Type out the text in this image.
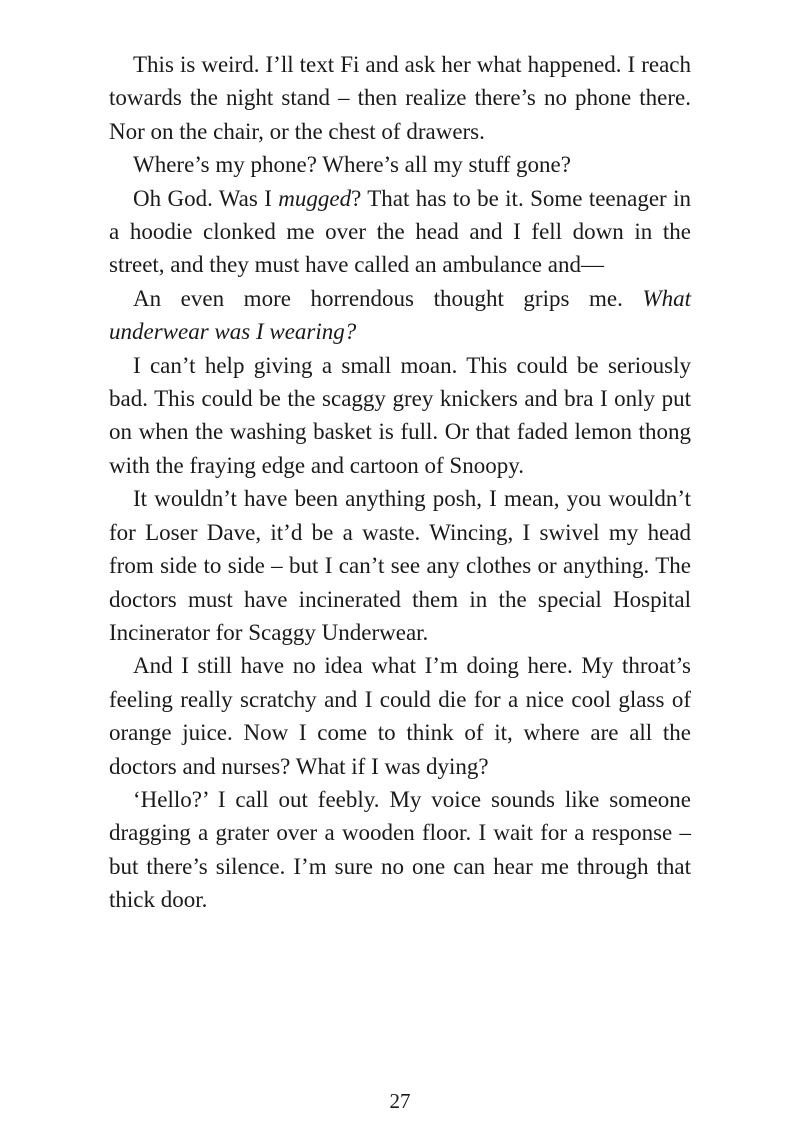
This is weird. I’ll text Fi and ask her what happened. I reach towards the night stand – then realize there’s no phone there. Nor on the chair, or the chest of drawers.

Where’s my phone? Where’s all my stuff gone?

Oh God. Was I mugged? That has to be it. Some teenager in a hoodie clonked me over the head and I fell down in the street, and they must have called an ambulance and—

An even more horrendous thought grips me. What underwear was I wearing?

I can’t help giving a small moan. This could be seriously bad. This could be the scaggy grey knickers and bra I only put on when the washing basket is full. Or that faded lemon thong with the fraying edge and cartoon of Snoopy.

It wouldn’t have been anything posh, I mean, you wouldn’t for Loser Dave, it’d be a waste. Wincing, I swivel my head from side to side – but I can’t see any clothes or anything. The doctors must have incinerated them in the special Hospital Incinerator for Scaggy Underwear.

And I still have no idea what I’m doing here. My throat’s feeling really scratchy and I could die for a nice cool glass of orange juice. Now I come to think of it, where are all the doctors and nurses? What if I was dying?

‘Hello?’ I call out feebly. My voice sounds like someone dragging a grater over a wooden floor. I wait for a response – but there’s silence. I’m sure no one can hear me through that thick door.

27
